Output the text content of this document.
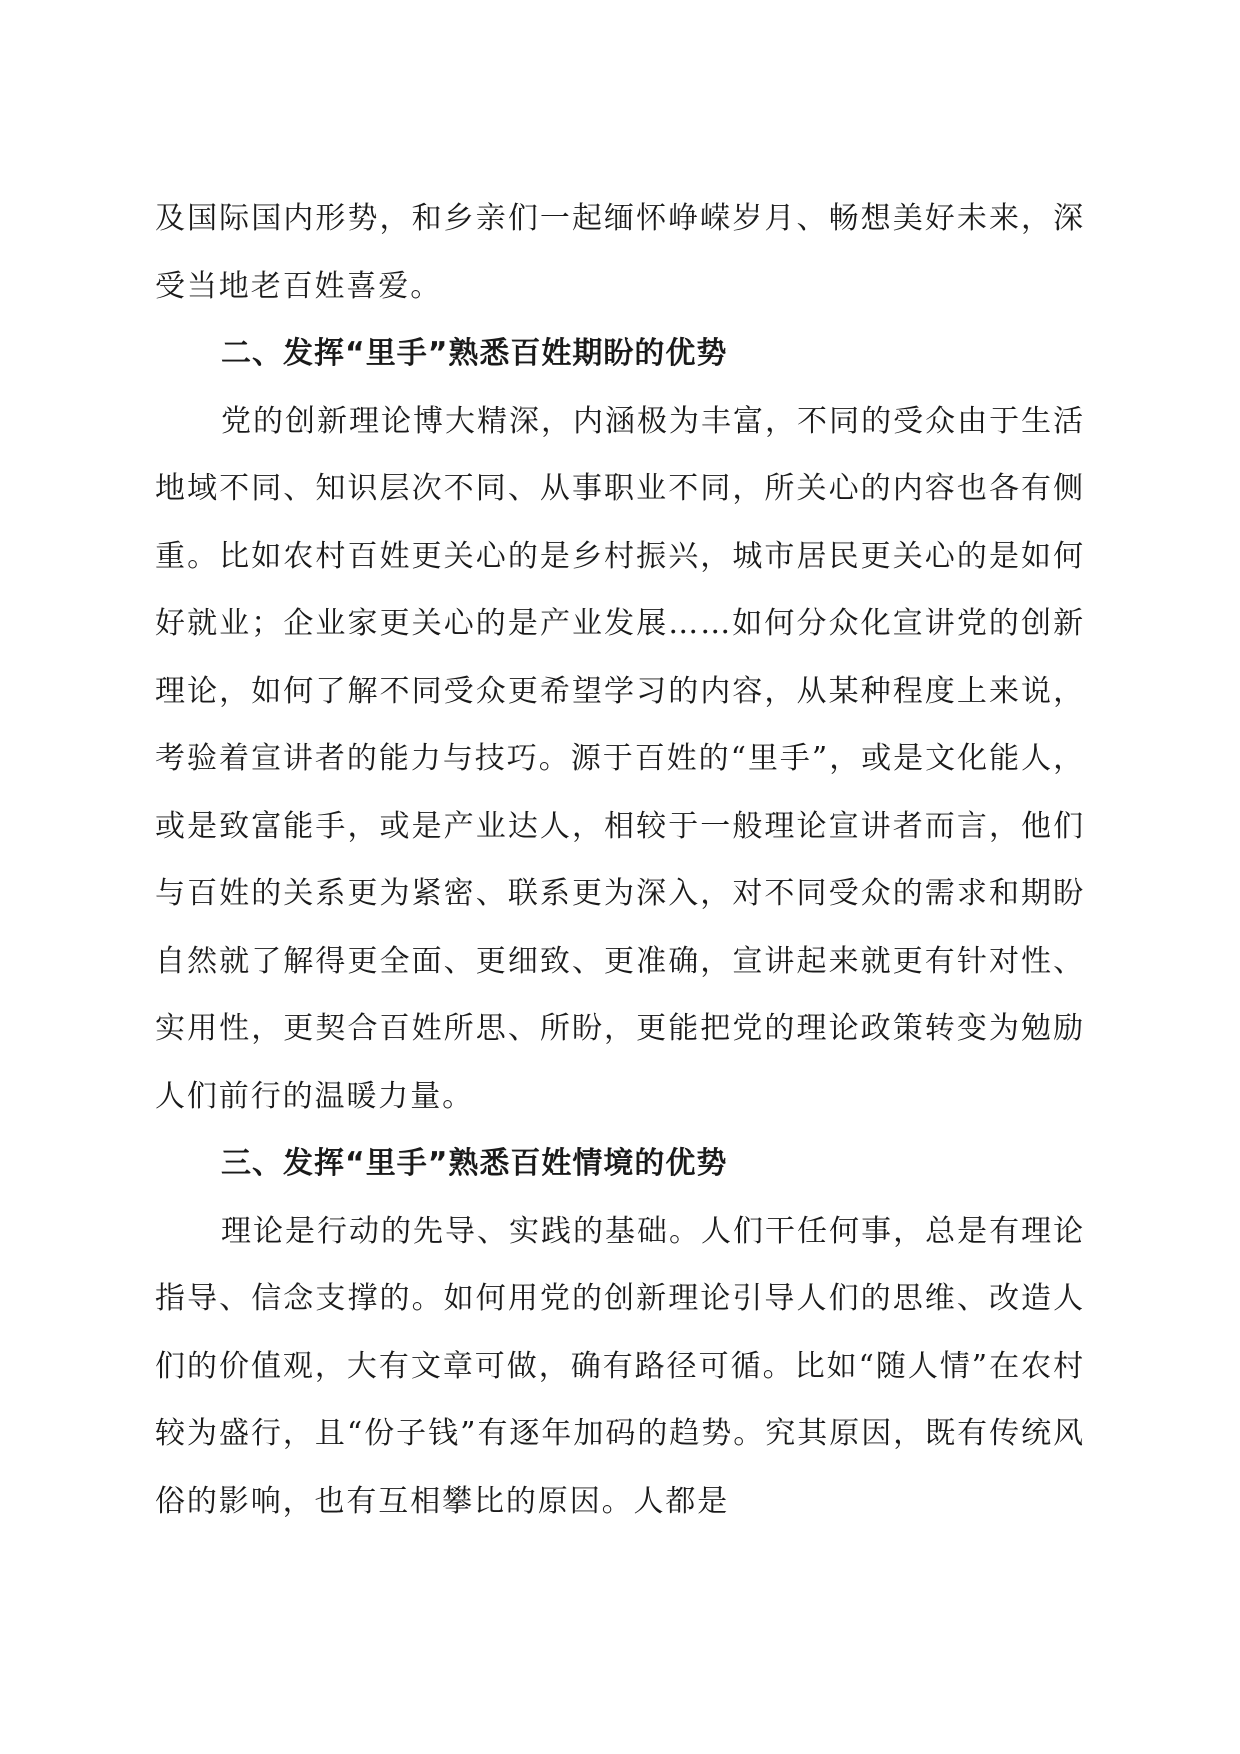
及国际国内形势，和乡亲们一起缅怀峥嵘岁月、畅想美好未来，深受当地老百姓喜爱。

二、发挥“里手”熟悉百姓期盼的优势

党的创新理论博大精深，内涵极为丰富，不同的受众由于生活地域不同、知识层次不同、从事职业不同，所关心的内容也各有侧重。比如农村百姓更关心的是乡村振兴，城市居民更关心的是如何好就业；企业家更关心的是产业发展……如何分众化宣讲党的创新理论，如何了解不同受众更希望学习的内容，从某种程度上来说，考验着宣讲者的能力与技巧。源于百姓的“里手”，或是文化能人，或是致富能手，或是产业达人，相较于一般理论宣讲者而言，他们与百姓的关系更为紧密、联系更为深入，对不同受众的需求和期盼自然就了解得更全面、更细致、更准确，宣讲起来就更有针对性、实用性，更契合百姓所思、所盼，更能把党的理论政策转变为勉励人们前行的温暖力量。

三、发挥“里手”熟悉百姓情境的优势

理论是行动的先导、实践的基础。人们干任何事，总是有理论指导、信念支撑的。如何用党的创新理论引导人们的思维、改造人们的价值观，大有文章可做，确有路径可循。比如“随人情”在农村较为盛行，且“份子钱”有逐年加码的趋势。究其原因，既有传统风俗的影响，也有互相攀比的原因。人都是
